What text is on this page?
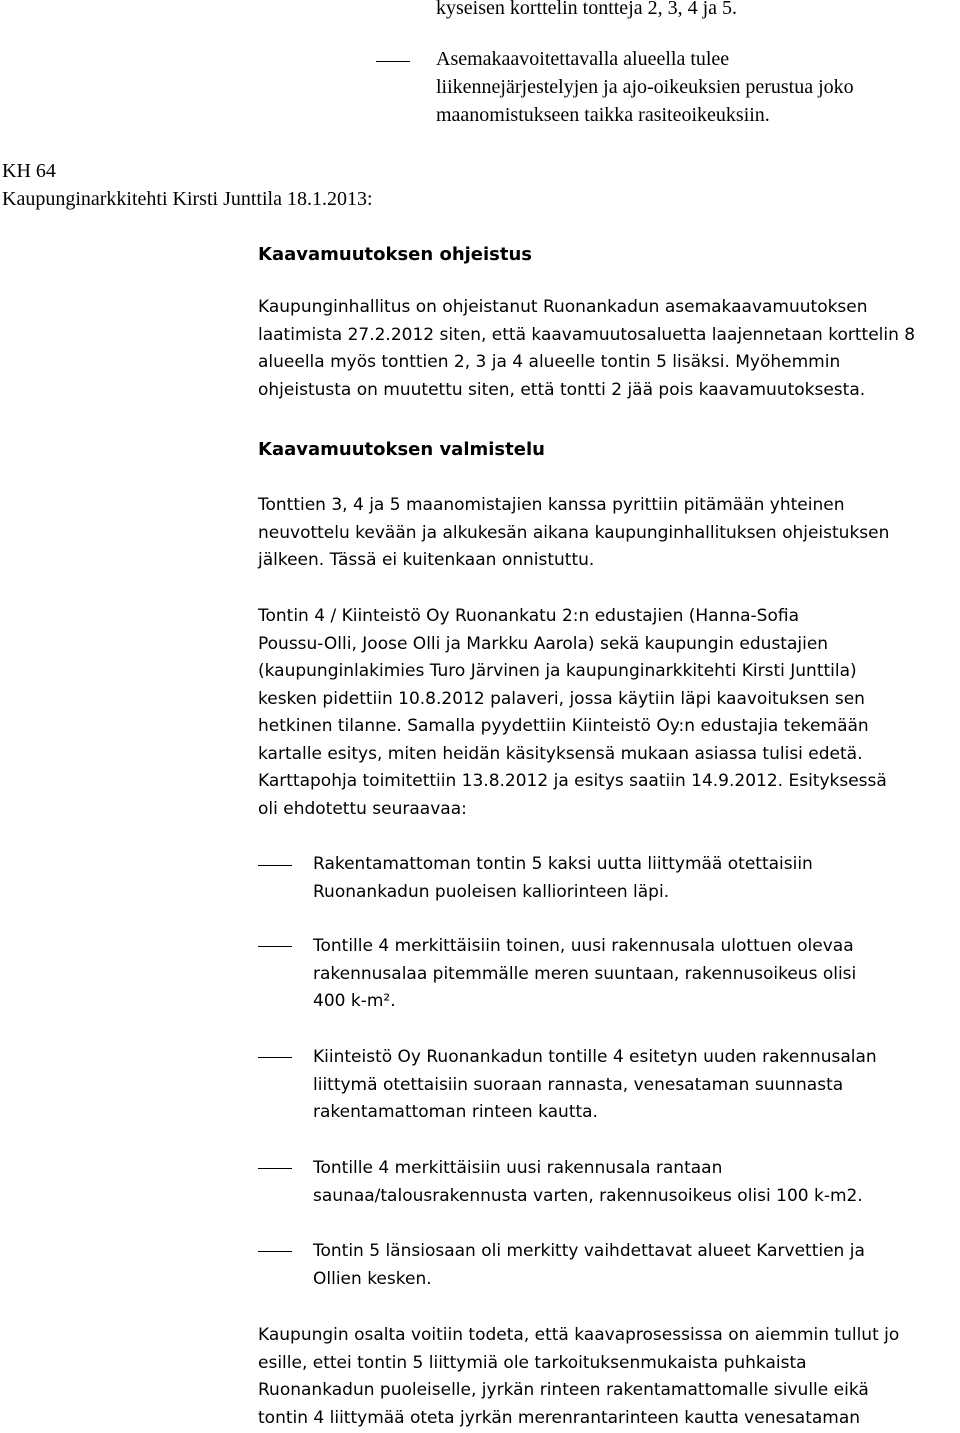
kyseisen korttelin tontteja 2, 3, 4 ja 5.

Asemakaavoitettavalla alueella tulee
liikennejärjestelyjen ja ajo-oikeuksien perustua joko
maanomistukseen taikka rasiteoikeuksiin.

KH 64

Kaupunginarkkitehti Kirsti Junttila 18.1.2013:

Kaavamuutoksen ohjeistus

Kaupunginhallitus on ohjeistanut Ruonankadun asemakaavamuutoksen
laatimista 27.2.2012 siten, että kaavamuutosaluetta laajennetaan korttelin 8
alueella myös tonttien 2, 3 ja 4 alueelle tontin 5 lisäksi. Myöhemmin
ohjeistusta on muutettu siten, että tontti 2 jää pois kaavamuutoksesta.

Kaavamuutoksen valmistelu

Tonttien 3, 4 ja 5 maanomistajien kanssa pyrittiin pitämään yhteinen
neuvottelu kevään ja alkukesän aikana kaupunginhallituksen ohjeistuksen
jälkeen. Tässä ei kuitenkaan onnistuttu.

Tontin 4 / Kiinteistö Oy Ruonankatu 2:n edustajien (Hanna-Sofia
Poussu-Olli, Joose Olli ja Markku Aarola) sekä kaupungin edustajien
(kaupunginlakimies Turo Järvinen ja kaupunginarkkitehti Kirsti Junttila)
kesken pidettiin 10.8.2012 palaveri, jossa käytiin läpi kaavoituksen sen
hetkinen tilanne. Samalla pyydettiin Kiinteistö Oy:n edustajia tekemään
kartalle esitys, miten heidän käsityksensä mukaan asiassa tulisi edetä.
Karttapohja toimitettiin 13.8.2012 ja esitys saatiin 14.9.2012. Esityksessä
oli ehdotettu seuraavaa:

Rakentamattoman tontin 5 kaksi uutta liittymää otettaisiin
Ruonankadun puoleisen kalliorinteen läpi.

Tontille 4 merkittäisiin toinen, uusi rakennusala ulottuen olevaa
rakennusalaa pitemmälle meren suuntaan, rakennusoikeus olisi
400 k-m².

Kiinteistö Oy Ruonankadun tontille 4 esitetyn uuden rakennusalan
liittymä otettaisiin suoraan rannasta, venesataman suunnasta
rakentamattoman rinteen kautta.

Tontille 4 merkittäisiin uusi rakennusala rantaan
saunaa/talousrakennusta varten, rakennusoikeus olisi 100 k-m2.

Tontin 5 länsiosaan oli merkitty vaihdettavat alueet Karvettien ja
Ollien kesken.

Kaupungin osalta voitiin todeta, että kaavaprosessissa on aiemmin tullut jo
esille, ettei tontin 5 liittymiä ole tarkoituksenmukaista puhkaista
Ruonankadun puoleiselle, jyrkän rinteen rakentamattomalle sivulle eikä
tontin 4 liittymää oteta jyrkän merenrantarinteen kautta venesataman
